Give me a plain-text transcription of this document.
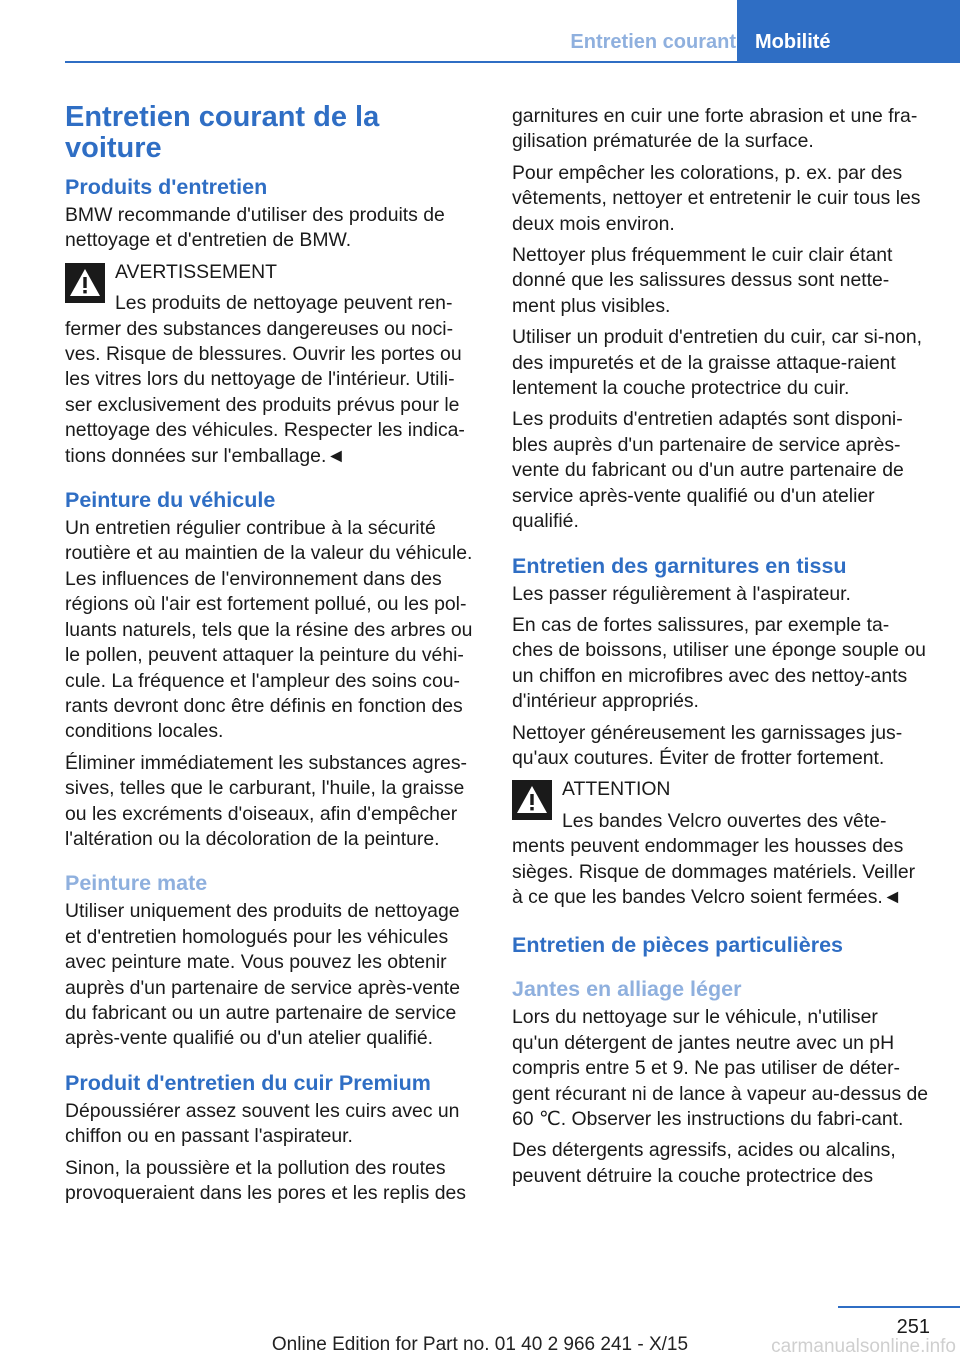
Entretien courant Mobilité
Entretien courant de la voiture
Produits d'entretien

BMW recommande d'utiliser des produits de nettoyage et d'entretien de BMW.

AVERTISSEMENT
Les produits de nettoyage peuvent ren-
fermer des substances dangereuses ou noci-ves. Risque de blessures. Ouvrir les portes ou les vitres lors du nettoyage de l'intérieur. Utili-ser exclusivement des produits prévus pour le nettoyage des véhicules. Respecter les indica-tions données sur l'emballage.◄
Peinture du véhicule

Un entretien régulier contribue à la sécurité routière et au maintien de la valeur du véhicule. Les influences de l'environnement dans des régions où l'air est fortement pollué, ou les pol-luants naturels, tels que la résine des arbres ou le pollen, peuvent attaquer la peinture du véhi-cule. La fréquence et l'ampleur des soins cou-rants devront donc être définis en fonction des conditions locales.

Éliminer immédiatement les substances agres-sives, telles que le carburant, l'huile, la graisse ou les excréments d'oiseaux, afin d'empêcher l'altération ou la décoloration de la peinture.

Peinture mate

Utiliser uniquement des produits de nettoyage et d'entretien homologués pour les véhicules avec peinture mate. Vous pouvez les obtenir auprès d'un partenaire de service après-vente du fabricant ou un autre partenaire de service après-vente qualifié ou d'un atelier qualifié.

Produit d'entretien du cuir Premium

Dépoussiérer assez souvent les cuirs avec un chiffon ou en passant l'aspirateur.

Sinon, la poussière et la pollution des routes provoqueraient dans les pores et les replis des

garnitures en cuir une forte abrasion et une fra-gilisation prématurée de la surface.

Pour empêcher les colorations, p. ex. par des vêtements, nettoyer et entretenir le cuir tous les deux mois environ.

Nettoyer plus fréquemment le cuir clair étant donné que les salissures dessus sont nette-ment plus visibles.

Utiliser un produit d'entretien du cuir, car si-non, des impuretés et de la graisse attaque-raient lentement la couche protectrice du cuir.

Les produits d'entretien adaptés sont disponi-bles auprès d'un partenaire de service après-vente du fabricant ou d'un autre partenaire de service après-vente qualifié ou d'un atelier qualifié.

Entretien des garnitures en tissu

Les passer régulièrement à l'aspirateur.

En cas de fortes salissures, par exemple ta-ches de boissons, utiliser une éponge souple ou un chiffon en microfibres avec des nettoy-ants d'intérieur appropriés.

Nettoyer généreusement les garnissages jus-qu'aux coutures. Éviter de frotter fortement.

ATTENTION
Les bandes Velcro ouvertes des vête-
ments peuvent endommager les housses des sièges. Risque de dommages matériels. Veiller à ce que les bandes Velcro soient fermées.◄
Entretien de pièces particulières
Jantes en alliage léger

Lors du nettoyage sur le véhicule, n'utiliser qu'un détergent de jantes neutre avec un pH compris entre 5 et 9. Ne pas utiliser de déter-gent récurant ni de lance à vapeur au-dessus de 60 ℃. Observer les instructions du fabri-cant.

Des détergents agressifs, acides ou alcalins, peuvent détruire la couche protectrice des

251
Online Edition for Part no. 01 40 2 966 241 - X/15	carmanualsonline.info
